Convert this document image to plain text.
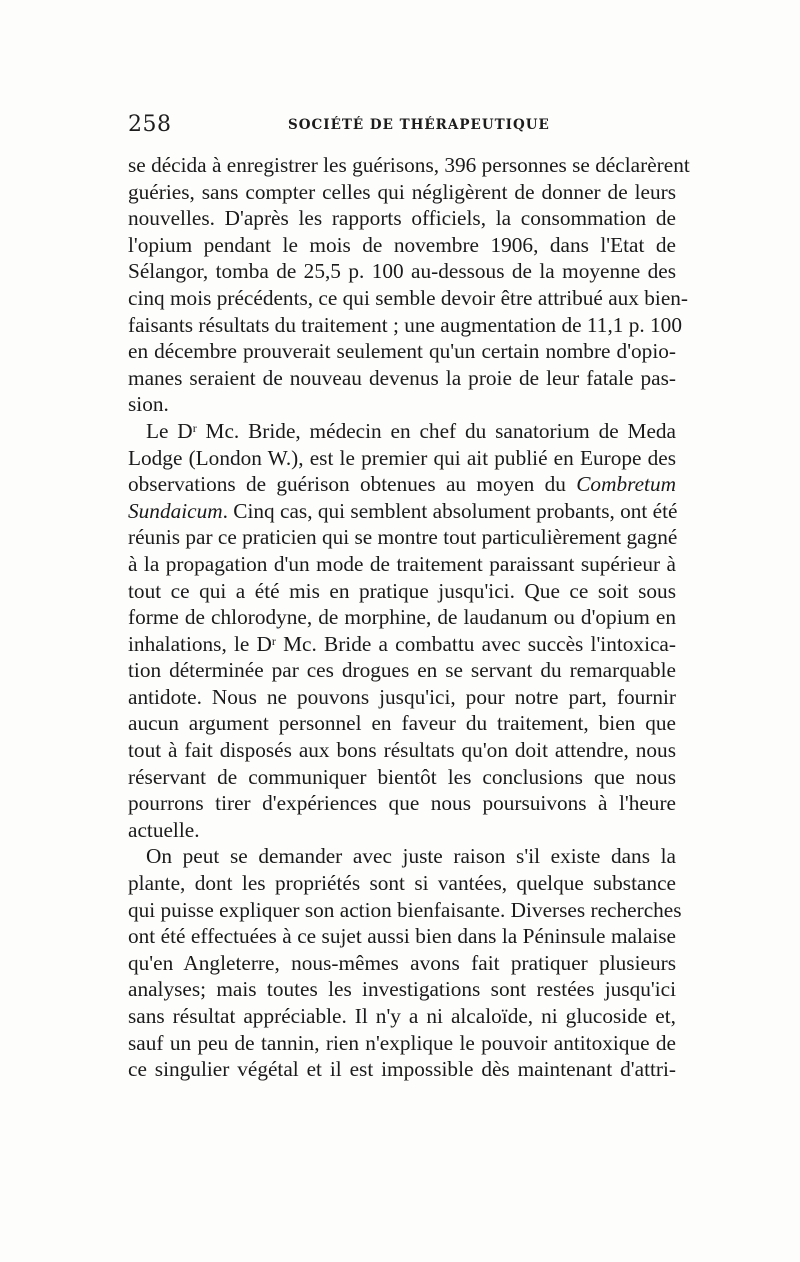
258	SOCIÉTÉ DE THÉRAPEUTIQUE
se décida à enregistrer les guérisons, 396 personnes se déclarèrent
guéries, sans compter celles qui négligèrent de donner de leurs
nouvelles. D'après les rapports officiels, la consommation de
l'opium pendant le mois de novembre 1906, dans l'Etat de
Sélangor, tomba de 25,5 p. 100 au-dessous de la moyenne des
cinq mois précédents, ce qui semble devoir être attribué aux bien-
faisants résultats du traitement ; une augmentation de 11,1 p. 100
en décembre prouverait seulement qu'un certain nombre d'opio-
manes seraient de nouveau devenus la proie de leur fatale pas-
sion.
Le $D^r$ Mc. Bride, médecin en chef du sanatorium de Meda
Lodge (London W.), est le premier qui ait publié en Europe des
observations de guérison obtenues au moyen du Combretum
Sundaicum. Cinq cas, qui semblent absolument probants, ont été
réunis par ce praticien qui se montre tout particulièrement gagné
à la propagation d'un mode de traitement paraissant supérieur à
tout ce qui a été mis en pratique jusqu'ici. Que ce soit sous
forme de chlorodyne, de morphine, de laudanum ou d'opium en
inhalations, le $D^r$ Mc. Bride a combattu avec succès l'intoxica-
tion déterminée par ces drogues en se servant du remarquable
antidote. Nous ne pouvons jusqu'ici, pour notre part, fournir
aucun argument personnel en faveur du traitement, bien que
tout à fait disposés aux bons résultats qu'on doit attendre, nous
réservant de communiquer bientôt les conclusions que nous
pourrons tirer d'expériences que nous poursuivons à l'heure
actuelle.
On peut se demander avec juste raison s'il existe dans la
plante, dont les propriétés sont si vantées, quelque substance
qui puisse expliquer son action bienfaisante. Diverses recherches
ont été effectuées à ce sujet aussi bien dans la Péninsule malaise
qu'en Angleterre, nous-mêmes avons fait pratiquer plusieurs
analyses; mais toutes les investigations sont restées jusqu'ici
sans résultat appréciable. Il n'y a ni alcaloïde, ni glucoside et,
sauf un peu de tannin, rien n'explique le pouvoir antitoxique de
ce singulier végétal et il est impossible dès maintenant d'attri-
